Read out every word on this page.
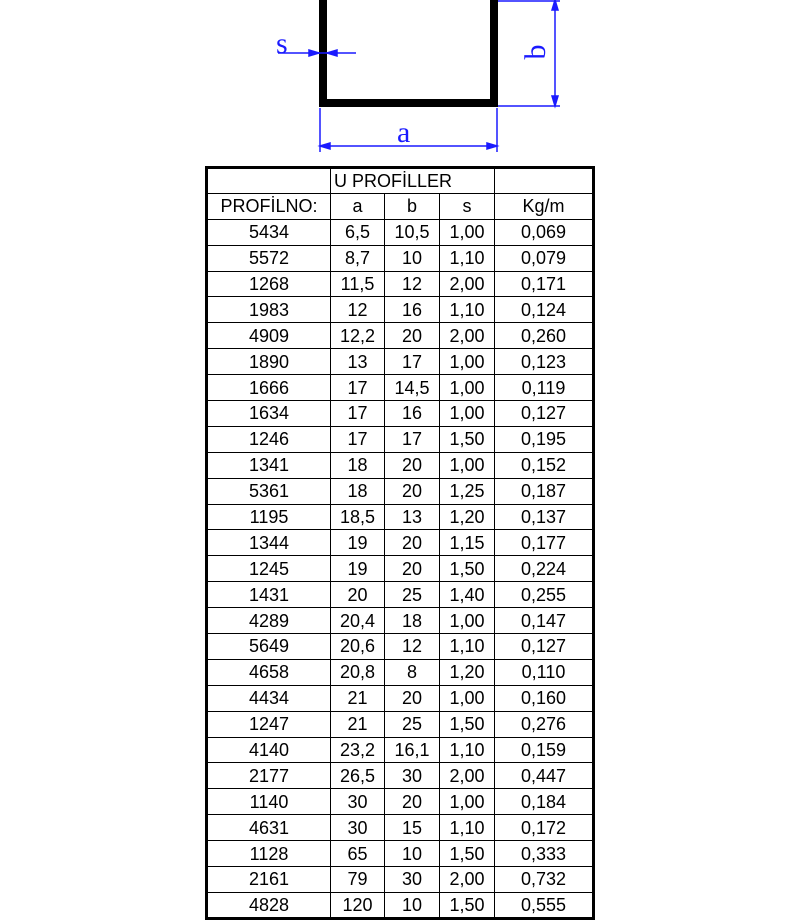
s
a
b
	U PROFİLLER			
PROFİLNO:	a	b	s	Kg/m
5434	6,5	10,5	1,00	0,069
5572	8,7	10	1,10	0,079
1268	11,5	12	2,00	0,171
1983	12	16	1,10	0,124
4909	12,2	20	2,00	0,260
1890	13	17	1,00	0,123
1666	17	14,5	1,00	0,119
1634	17	16	1,00	0,127
1246	17	17	1,50	0,195
1341	18	20	1,00	0,152
5361	18	20	1,25	0,187
1195	18,5	13	1,20	0,137
1344	19	20	1,15	0,177
1245	19	20	1,50	0,224
1431	20	25	1,40	0,255
4289	20,4	18	1,00	0,147
5649	20,6	12	1,10	0,127
4658	20,8	8	1,20	0,110
4434	21	20	1,00	0,160
1247	21	25	1,50	0,276
4140	23,2	16,1	1,10	0,159
2177	26,5	30	2,00	0,447
1140	30	20	1,00	0,184
4631	30	15	1,10	0,172
1128	65	10	1,50	0,333
2161	79	30	2,00	0,732
4828	120	10	1,50	0,555
